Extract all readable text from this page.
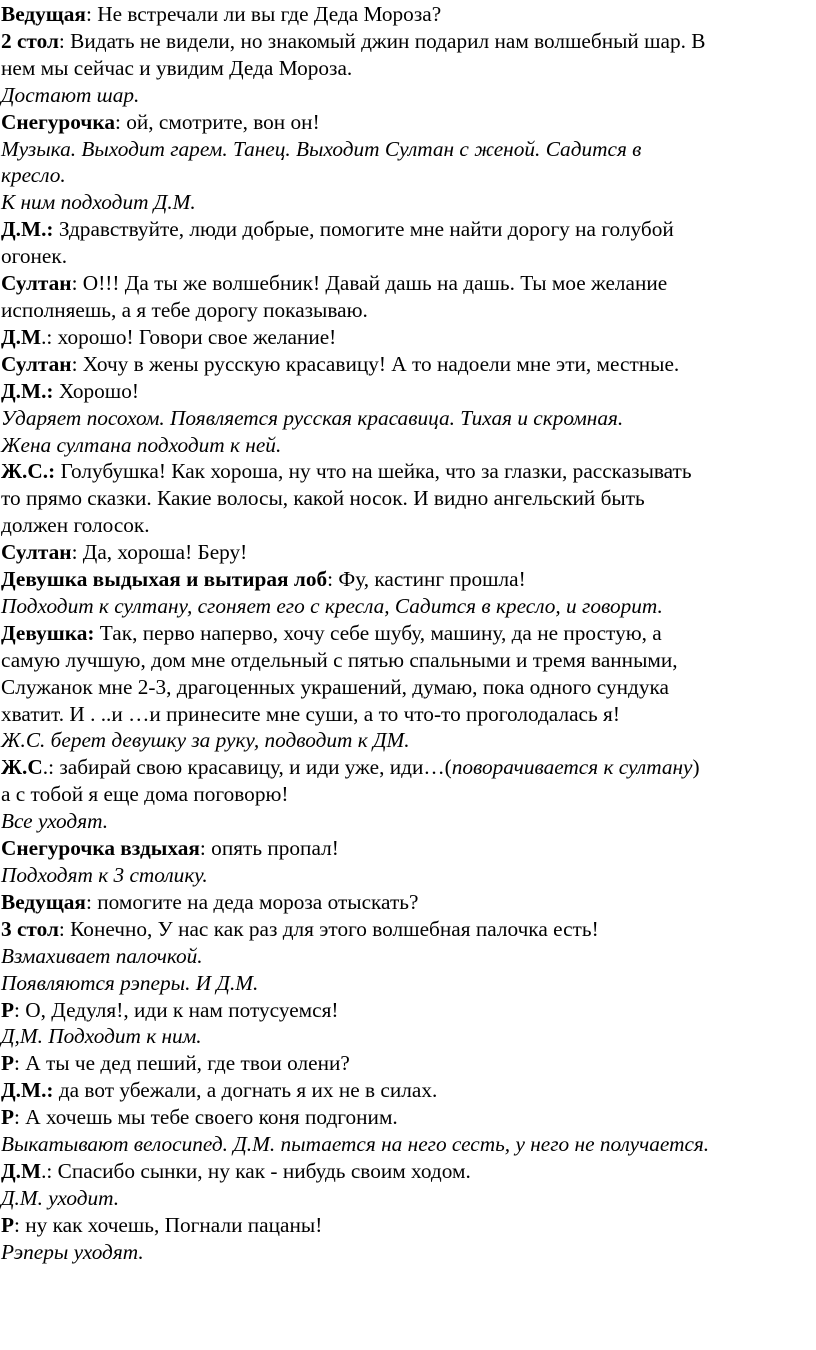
Ведущая: Не встречали ли вы где Деда Мороза?
2 стол: Видать не видели, но знакомый джин подарил нам волшебный шар. В
нем мы сейчас и увидим Деда Мороза.
Достают шар.
Снегурочка: ой, смотрите, вон он!
Музыка. Выходит гарем. Танец. Выходит Султан с женой. Садится в
кресло.
К ним подходит Д.М.
Д.М.: Здравствуйте, люди добрые, помогите мне найти дорогу на голубой
огонек.
Султан: О!!! Да ты же волшебник! Давай дашь на дашь. Ты мое желание
исполняешь, а я тебе дорогу показываю.
Д.М.: хорошо! Говори свое желание!
Султан: Хочу в жены русскую красавицу! А то надоели мне эти, местные.
Д.М.: Хорошо!
Ударяет посохом. Появляется русская красавица. Тихая и скромная.
Жена султана подходит к ней.
Ж.С.: Голубушка! Как хороша, ну что на шейка, что за глазки, рассказывать
то прямо сказки. Какие волосы, какой носок. И видно ангельский быть
должен голосок.
Султан: Да, хороша! Беру!
Девушка выдыхая и вытирая лоб: Фу, кастинг прошла!
Подходит к султану, сгоняет его с кресла, Садится в кресло, и говорит.
Девушка: Так, перво наперво, хочу себе шубу, машину, да не простую, а
самую лучшую, дом мне отдельный с пятью спальными и тремя ванными,
Служанок мне 2-3, драгоценных украшений, думаю, пока одного сундука
хватит. И . ..и …и принесите мне суши, а то что-то проголодалась я!
Ж.С. берет девушку за руку, подводит к ДМ.
Ж.С.: забирай свою красавицу, и иди уже, иди…(поворачивается к султану)
а с тобой я еще дома поговорю!
Все уходят.
Снегурочка вздыхая: опять пропал!
Подходят к 3 столику.
Ведущая: помогите на деда мороза отыскать?
3 стол: Конечно, У нас как раз для этого волшебная палочка есть!
Взмахивает палочкой.
Появляются рэперы. И Д.М.
Р: О, Дедуля!, иди к нам потусуемся!
Д,М. Подходит к ним.
Р: А ты че дед пеший, где твои олени?
Д.М.: да вот убежали, а догнать я их не в силах.
Р: А хочешь мы тебе своего коня подгоним.
Выкатывают велосипед. Д.М. пытается на него сесть, у него не получается.
Д.М.: Спасибо сынки, ну как - нибудь своим ходом.
Д.М. уходит.
Р: ну как хочешь, Погнали пацаны!
Рэперы уходят.
